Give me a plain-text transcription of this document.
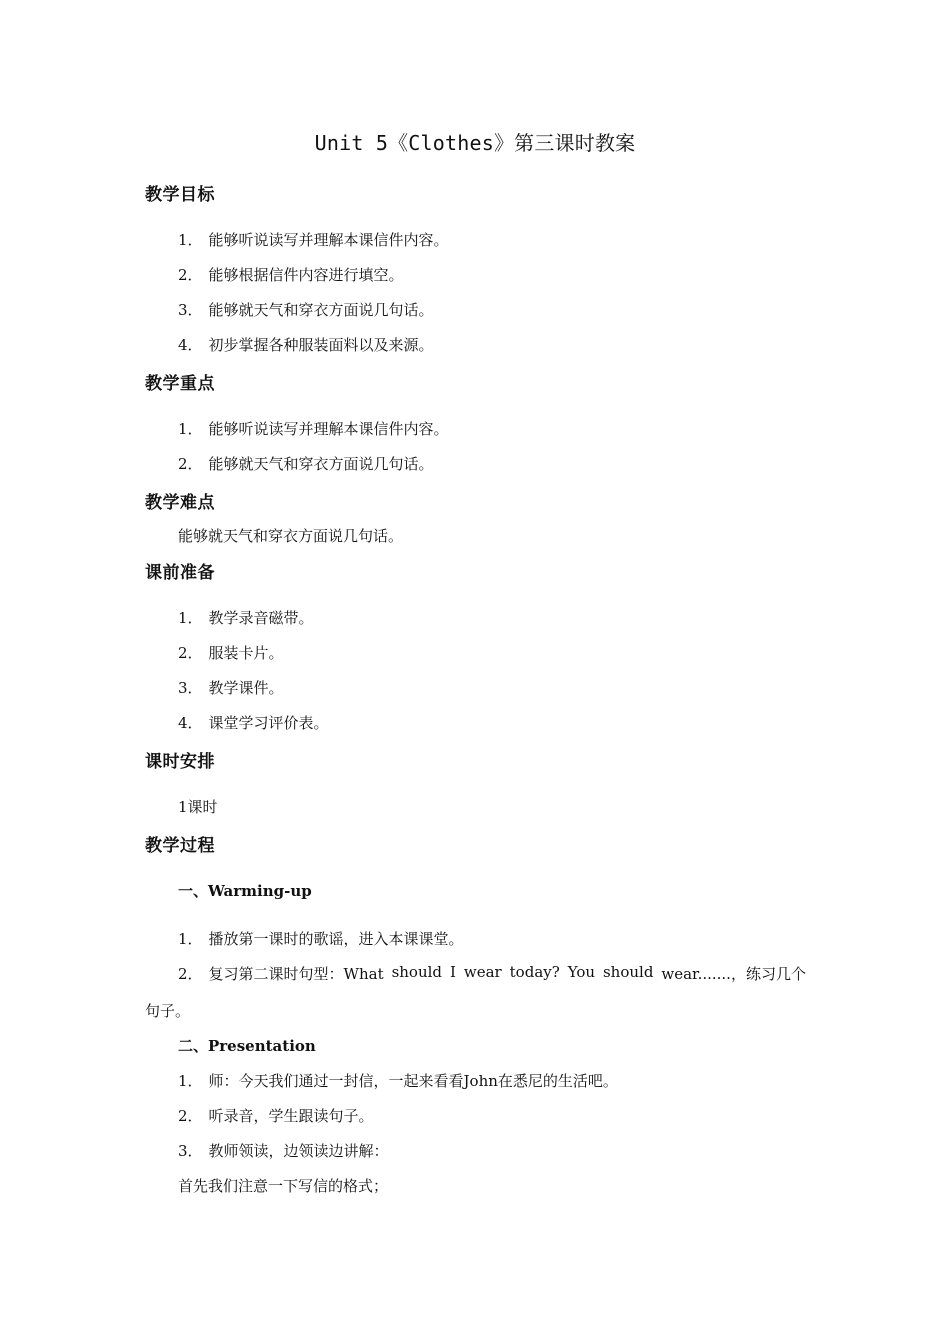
Unit 5《Clothes》第三课时教案
教学目标
1． 能够听说读写并理解本课信件内容。
2． 能够根据信件内容进行填空。
3． 能够就天气和穿衣方面说几句话。
4． 初步掌握各种服装面料以及来源。
教学重点
1． 能够听说读写并理解本课信件内容。
2． 能够就天气和穿衣方面说几句话。
教学难点
能够就天气和穿衣方面说几句话。
课前准备
1． 教学录音磁带。
2． 服装卡片。
3． 教学课件。
4． 课堂学习评价表。
课时安排
1课时
教学过程
一、Warming-up
1． 播放第一课时的歌谣，进入本课课堂。
2． 复习第二课时句型：What should I wear today? You should wear.......，练习几个
句子。
二、Presentation
1． 师：今天我们通过一封信，一起来看看John在悉尼的生活吧。
2． 听录音，学生跟读句子。
3． 教师领读，边领读边讲解：
首先我们注意一下写信的格式；
